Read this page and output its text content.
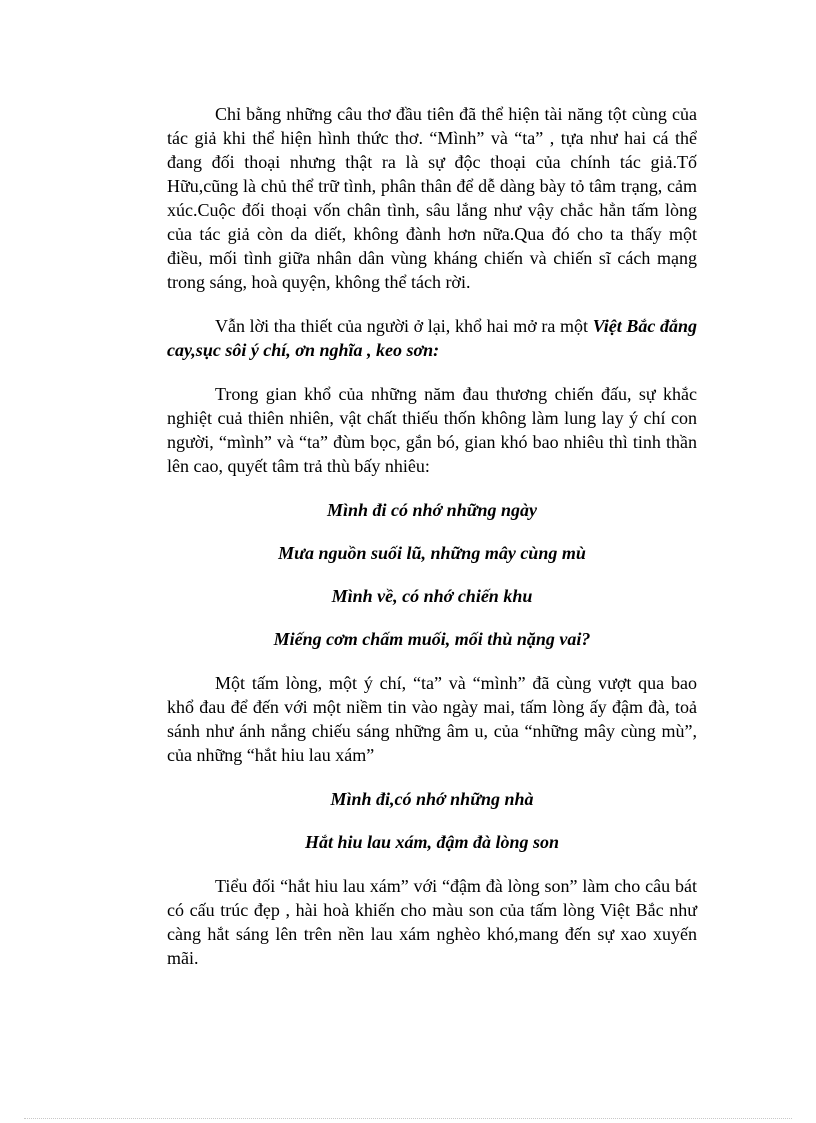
Chỉ bằng những câu thơ đầu tiên đã thể hiện tài năng tột cùng của tác giả khi thể hiện hình thức thơ. “Mình” và “ta” , tựa như hai cá thể đang đối thoại nhưng thật ra là sự độc thoại của chính tác giả.Tố Hữu,cũng là chủ thể trữ tình, phân thân để dễ dàng bày tỏ tâm trạng, cảm xúc.Cuộc đối thoại vốn chân tình, sâu lắng như vậy chắc hẳn tấm lòng của tác giả còn da diết, không đành hơn nữa.Qua đó cho ta thấy một điều, mối tình giữa nhân dân vùng kháng chiến và chiến sĩ cách mạng trong sáng, hoà quyện, không thể tách rời.

Vẫn lời tha thiết của người ở lại, khổ hai mở ra một Việt Bắc đắng cay,sục sôi ý chí, ơn nghĩa , keo sơn:

Trong gian khổ của những năm đau thương chiến đấu, sự khắc nghiệt cuả thiên nhiên, vật chất thiếu thốn không làm lung lay ý chí con người, “mình” và “ta” đùm bọc, gắn bó, gian khó bao nhiêu thì tinh thần lên cao, quyết tâm trả thù bấy nhiêu:

Mình đi có nhớ những ngày
Mưa nguồn suối lũ, những mây cùng mù
Mình về, có nhớ chiến khu
Miếng cơm chấm muối, mối thù nặng vai?

Một tấm lòng, một ý chí, “ta” và “mình” đã cùng vượt qua bao khổ đau để đến với một niềm tin vào ngày mai, tấm lòng ấy đậm đà, toả sánh như ánh nắng chiếu sáng những âm u, của “những mây cùng mù”, của những “hắt hiu lau xám”

Mình đi,có nhớ những nhà
Hắt hiu lau xám, đậm đà lòng son

Tiểu đối “hắt hiu lau xám” với “đậm đà lòng son” làm cho câu bát có cấu trúc đẹp , hài hoà khiến cho màu son của tấm lòng Việt Bắc như càng hắt sáng lên trên nền lau xám nghèo khó,mang đến sự xao xuyến mãi.
